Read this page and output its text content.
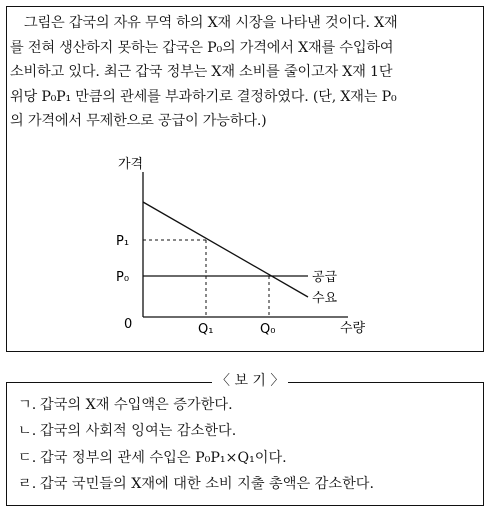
　그림은 갑국의 자유 무역 하의 X재 시장을 나타낸 것이다. X재

를 전혀 생산하지 못하는 갑국은 P₀의 가격에서 X재를 수입하여

소비하고 있다. 최근 갑국 정부는 X재 소비를 줄이고자 X재 1단

위당 P₀P₁ 만큼의 관세를 부과하기로 결정하였다. (단, X재는 P₀

의 가격에서 무제한으로 공급이 가능하다.)

가격
수량
0
P₁
P₀
Q₁	Q₀
공급
수요
〈 보 기 〉
ㄱ. 갑국의 X재 수입액은 증가한다.
ㄴ. 갑국의 사회적 잉여는 감소한다.
ㄷ. 갑국 정부의 관세 수입은 P₀P₁×Q₁이다.
ㄹ. 갑국 국민들의 X재에 대한 소비 지출 총액은 감소한다.
